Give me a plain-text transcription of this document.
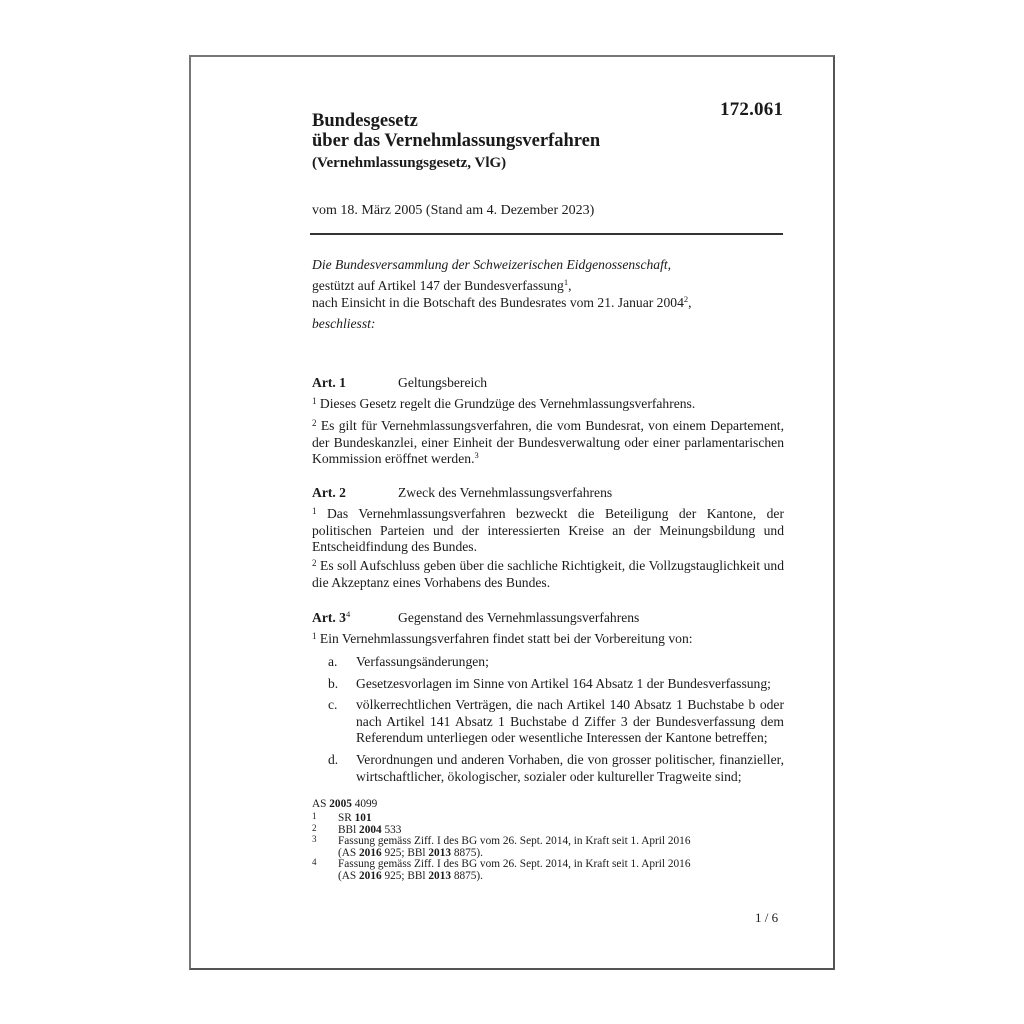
172.061
Bundesgesetz
über das Vernehmlassungsverfahren
(Vernehmlassungsgesetz, VlG)
vom 18. März 2005 (Stand am 4. Dezember 2023)
Die Bundesversammlung der Schweizerischen Eidgenossenschaft,
gestützt auf Artikel 147 der Bundesverfassung$^1$,
nach Einsicht in die Botschaft des Bundesrates vom 21. Januar 2004$^2$,
beschliesst:
Art. 1	Geltungsbereich
$^1$ Dieses Gesetz regelt die Grundzüge des Vernehmlassungsverfahrens.
$^2$ Es gilt für Vernehmlassungsverfahren, die vom Bundesrat, von einem Departement, der Bundeskanzlei, einer Einheit der Bundesverwaltung oder einer parlamentarischen Kommission eröffnet werden.$^3$
Art. 2	Zweck des Vernehmlassungsverfahrens
$^1$ Das Vernehmlassungsverfahren bezweckt die Beteiligung der Kantone, der politischen Parteien und der interessierten Kreise an der Meinungsbildung und Entscheidfindung des Bundes.
$^2$ Es soll Aufschluss geben über die sachliche Richtigkeit, die Vollzugstauglichkeit und die Akzeptanz eines Vorhabens des Bundes.
Art. 3$^4$	Gegenstand des Vernehmlassungsverfahrens
$^1$ Ein Vernehmlassungsverfahren findet statt bei der Vorbereitung von:
a. Verfassungsänderungen;
b. Gesetzesvorlagen im Sinne von Artikel 164 Absatz 1 der Bundesverfassung;
c. völkerrechtlichen Verträgen, die nach Artikel 140 Absatz 1 Buchstabe b oder nach Artikel 141 Absatz 1 Buchstabe d Ziffer 3 der Bundesverfassung dem Referendum unterliegen oder wesentliche Interessen der Kantone betreffen;
d. Verordnungen und anderen Vorhaben, die von grosser politischer, finanzieller, wirtschaftlicher, ökologischer, sozialer oder kultureller Tragweite sind;
AS 2005 4099
1 SR 101
2 BBl 2004 533
3 Fassung gemäss Ziff. I des BG vom 26. Sept. 2014, in Kraft seit 1. April 2016
(AS 2016 925; BBl 2013 8875).
4 Fassung gemäss Ziff. I des BG vom 26. Sept. 2014, in Kraft seit 1. April 2016
(AS 2016 925; BBl 2013 8875).
1 / 6
